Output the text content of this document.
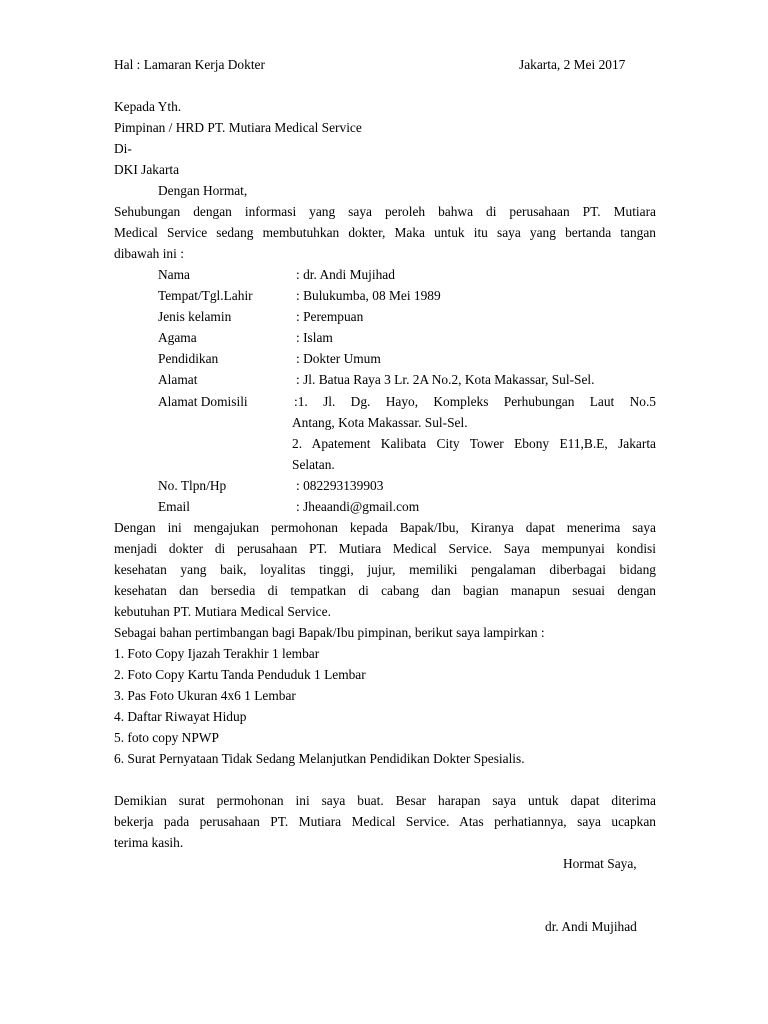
Hal : Lamaran Kerja Dokter	Jakarta, 2 Mei 2017
Kepada Yth.
Pimpinan / HRD PT. Mutiara Medical Service
Di-
DKI Jakarta
Dengan Hormat,
Sehubungan dengan informasi yang saya peroleh bahwa di perusahaan PT. Mutiara
Medical Service sedang membutuhkan dokter, Maka untuk itu saya yang bertanda tangan
dibawah ini :
Nama	: dr. Andi Mujihad
Tempat/Tgl.Lahir	: Bulukumba, 08 Mei 1989
Jenis kelamin	: Perempuan
Agama	: Islam
Pendidikan	: Dokter Umum
Alamat	: Jl. Batua Raya 3 Lr. 2A No.2, Kota Makassar, Sul-Sel.
Alamat Domisili	:1. Jl. Dg. Hayo, Kompleks Perhubungan Laut No.5
Antang, Kota Makassar. Sul-Sel.
2. Apatement Kalibata City Tower Ebony E11,B.E, Jakarta
Selatan.
No. Tlpn/Hp	: 082293139903
Email	: Jheaandi@gmail.com
Dengan ini mengajukan permohonan kepada Bapak/Ibu, Kiranya dapat menerima saya
menjadi dokter di perusahaan PT. Mutiara Medical Service. Saya mempunyai kondisi
kesehatan yang baik, loyalitas tinggi, jujur, memiliki pengalaman diberbagai bidang
kesehatan dan bersedia di tempatkan di cabang dan bagian manapun sesuai dengan
kebutuhan PT. Mutiara Medical Service.
Sebagai bahan pertimbangan bagi Bapak/Ibu pimpinan, berikut saya lampirkan :
1. Foto Copy Ijazah Terakhir 1 lembar
2. Foto Copy Kartu Tanda Penduduk 1 Lembar
3. Pas Foto Ukuran 4x6 1 Lembar
4. Daftar Riwayat Hidup
5. foto copy NPWP
6. Surat Pernyataan Tidak Sedang Melanjutkan Pendidikan Dokter Spesialis.
Demikian surat permohonan ini saya buat. Besar harapan saya untuk dapat diterima
bekerja pada perusahaan PT. Mutiara Medical Service. Atas perhatiannya, saya ucapkan
terima kasih.
Hormat Saya,
dr. Andi Mujihad
